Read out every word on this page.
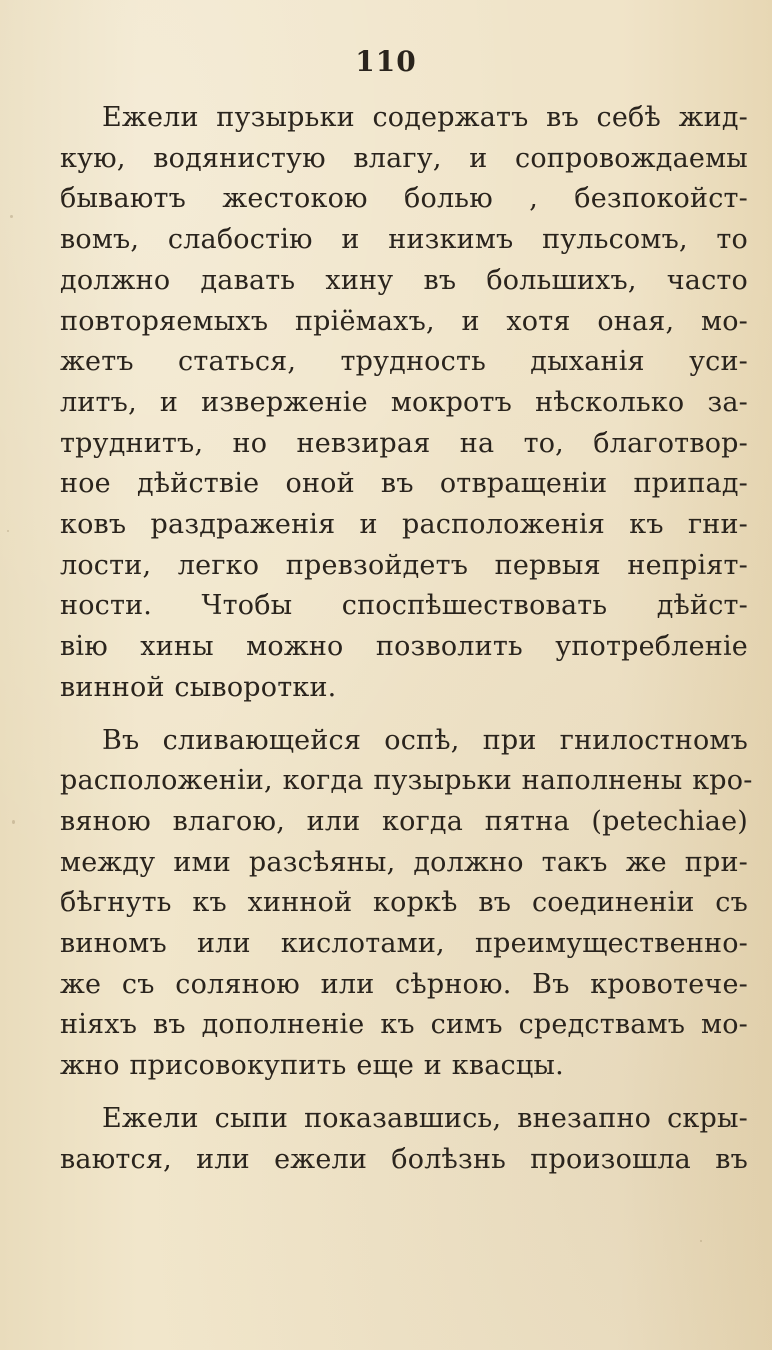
110
Ежели пузырьки содержатъ въ себѣ жид-
кую, водянистую влагу, и сопровождаемы
бываютъ жестокою болью , безпокойст-
вомъ, слабостію и низкимъ пульсомъ, то
должно давать хину въ большихъ, часто
повторяемыхъ пріёмахъ, и хотя оная, мо-
жетъ статься, трудность дыханія уси-
литъ, и изверженіе мокротъ нѣсколько за-
труднитъ, но невзирая на то, благотвор-
ное дѣйствіе оной въ отвращеніи припад-
ковъ раздраженія и расположенія къ гни-
лости, легко превзойдетъ первыя непріят-
ности. Чтобы споспѣшествовать дѣйст-
вію хины можно позволить употребленіе
винной сыворотки.
Въ сливающейся оспѣ, при гнилостномъ
расположеніи, когда пузырьки наполнены кро-
вяною влагою, или когда пятна (petechiae)
между ими разсѣяны, должно такъ же при-
бѣгнуть къ хинной коркѣ въ соединеніи съ
виномъ или кислотами, преимущественно-
же съ соляною или сѣрною. Въ кровотече-
ніяхъ въ дополненіе къ симъ средствамъ мо-
жно присовокупить еще и квасцы.
Ежели сыпи показавшись, внезапно скры-
ваются, или ежели болѣзнь произошла въ
